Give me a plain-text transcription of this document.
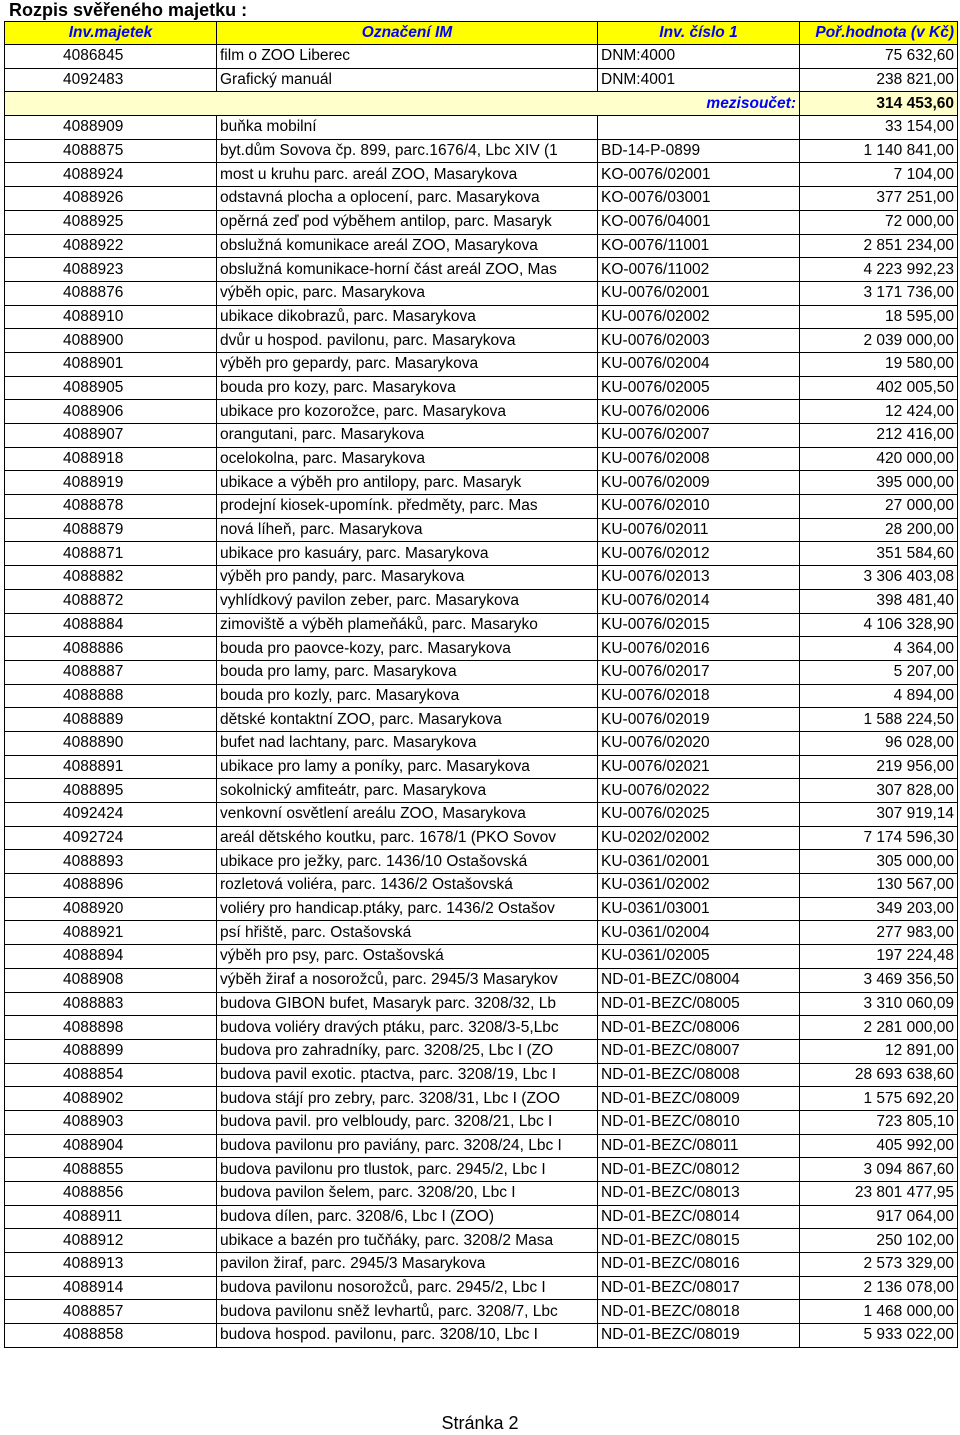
Rozpis svěřeného majetku :
Inv.majetek	Označení IM	Inv. číslo 1	Poř.hodnota (v Kč)
4086845	film o ZOO Liberec	DNM:4000	75 632,60
4092483	Grafický manuál	DNM:4001	238 821,00
mezisoučet:			314 453,60
4088909	buňka mobilní		33 154,00
4088875	byt.dům Sovova čp. 899, parc.1676/4, Lbc XIV (1	BD-14-P-0899	1 140 841,00
4088924	most u kruhu parc. areál ZOO, Masarykova	KO-0076/02001	7 104,00
4088926	odstavná plocha a oplocení, parc. Masarykova	KO-0076/03001	377 251,00
4088925	opěrná zeď pod výběhem antilop, parc. Masaryk	KO-0076/04001	72 000,00
4088922	obslužná komunikace areál ZOO, Masarykova	KO-0076/11001	2 851 234,00
4088923	obslužná komunikace-horní část areál ZOO, Mas	KO-0076/11002	4 223 992,23
4088876	výběh opic, parc. Masarykova	KU-0076/02001	3 171 736,00
4088910	ubikace dikobrazů, parc. Masarykova	KU-0076/02002	18 595,00
4088900	dvůr u hospod. pavilonu, parc. Masarykova	KU-0076/02003	2 039 000,00
4088901	výběh pro gepardy, parc. Masarykova	KU-0076/02004	19 580,00
4088905	bouda pro kozy, parc. Masarykova	KU-0076/02005	402 005,50
4088906	ubikace pro kozorožce, parc. Masarykova	KU-0076/02006	12 424,00
4088907	orangutani, parc. Masarykova	KU-0076/02007	212 416,00
4088918	ocelokolna, parc. Masarykova	KU-0076/02008	420 000,00
4088919	ubikace a výběh pro antilopy, parc. Masaryk	KU-0076/02009	395 000,00
4088878	prodejní kiosek-upomínk. předměty, parc. Mas	KU-0076/02010	27 000,00
4088879	nová líheň, parc. Masarykova	KU-0076/02011	28 200,00
4088871	ubikace pro kasuáry, parc. Masarykova	KU-0076/02012	351 584,60
4088882	výběh pro pandy, parc. Masarykova	KU-0076/02013	3 306 403,08
4088872	vyhlídkový pavilon zeber, parc. Masarykova	KU-0076/02014	398 481,40
4088884	zimoviště a výběh plameňáků, parc. Masaryko	KU-0076/02015	4 106 328,90
4088886	bouda pro paovce-kozy, parc. Masarykova	KU-0076/02016	4 364,00
4088887	bouda pro lamy, parc. Masarykova	KU-0076/02017	5 207,00
4088888	bouda pro kozly, parc. Masarykova	KU-0076/02018	4 894,00
4088889	dětské kontaktní ZOO, parc. Masarykova	KU-0076/02019	1 588 224,50
4088890	bufet nad lachtany, parc. Masarykova	KU-0076/02020	96 028,00
4088891	ubikace pro lamy a poníky, parc. Masarykova	KU-0076/02021	219 956,00
4088895	sokolnický amfiteátr, parc. Masarykova	KU-0076/02022	307 828,00
4092424	venkovní osvětlení areálu ZOO, Masarykova	KU-0076/02025	307 919,14
4092724	areál dětského koutku, parc. 1678/1 (PKO Sovov	KU-0202/02002	7 174 596,30
4088893	ubikace pro ježky, parc. 1436/10 Ostašovská	KU-0361/02001	305 000,00
4088896	rozletová voliéra, parc. 1436/2 Ostašovská	KU-0361/02002	130 567,00
4088920	voliéry pro handicap.ptáky, parc. 1436/2 Ostašov	KU-0361/03001	349 203,00
4088921	psí hřiště, parc. Ostašovská	KU-0361/02004	277 983,00
4088894	výběh pro psy, parc. Ostašovská	KU-0361/02005	197 224,48
4088908	výběh žiraf a nosorožců, parc. 2945/3 Masarykov	ND-01-BEZC/08004	3 469 356,50
4088883	budova GIBON bufet, Masaryk parc. 3208/32, Lb	ND-01-BEZC/08005	3 310 060,09
4088898	budova voliéry dravých ptáku, parc. 3208/3-5,Lbc	ND-01-BEZC/08006	2 281 000,00
4088899	budova pro zahradníky, parc. 3208/25, Lbc I (ZO	ND-01-BEZC/08007	12 891,00
4088854	budova pavil exotic. ptactva, parc. 3208/19, Lbc I	ND-01-BEZC/08008	28 693 638,60
4088902	budova stájí pro zebry, parc. 3208/31, Lbc I (ZOO	ND-01-BEZC/08009	1 575 692,20
4088903	budova pavil. pro velbloudy, parc. 3208/21, Lbc I	ND-01-BEZC/08010	723 805,10
4088904	budova pavilonu pro paviány, parc. 3208/24, Lbc I	ND-01-BEZC/08011	405 992,00
4088855	budova pavilonu pro tlustok, parc. 2945/2, Lbc I	ND-01-BEZC/08012	3 094 867,60
4088856	budova pavilon šelem, parc. 3208/20, Lbc I	ND-01-BEZC/08013	23 801 477,95
4088911	budova dílen, parc. 3208/6, Lbc I (ZOO)	ND-01-BEZC/08014	917 064,00
4088912	ubikace a bazén pro tučňáky, parc. 3208/2 Masa	ND-01-BEZC/08015	250 102,00
4088913	pavilon žiraf, parc. 2945/3 Masarykova	ND-01-BEZC/08016	2 573 329,00
4088914	budova pavilonu nosorožců, parc. 2945/2, Lbc I	ND-01-BEZC/08017	2 136 078,00
4088857	budova pavilonu sněž levhartů, parc. 3208/7, Lbc	ND-01-BEZC/08018	1 468 000,00
4088858	budova hospod. pavilonu, parc. 3208/10, Lbc I	ND-01-BEZC/08019	5 933 022,00
Stránka 2
